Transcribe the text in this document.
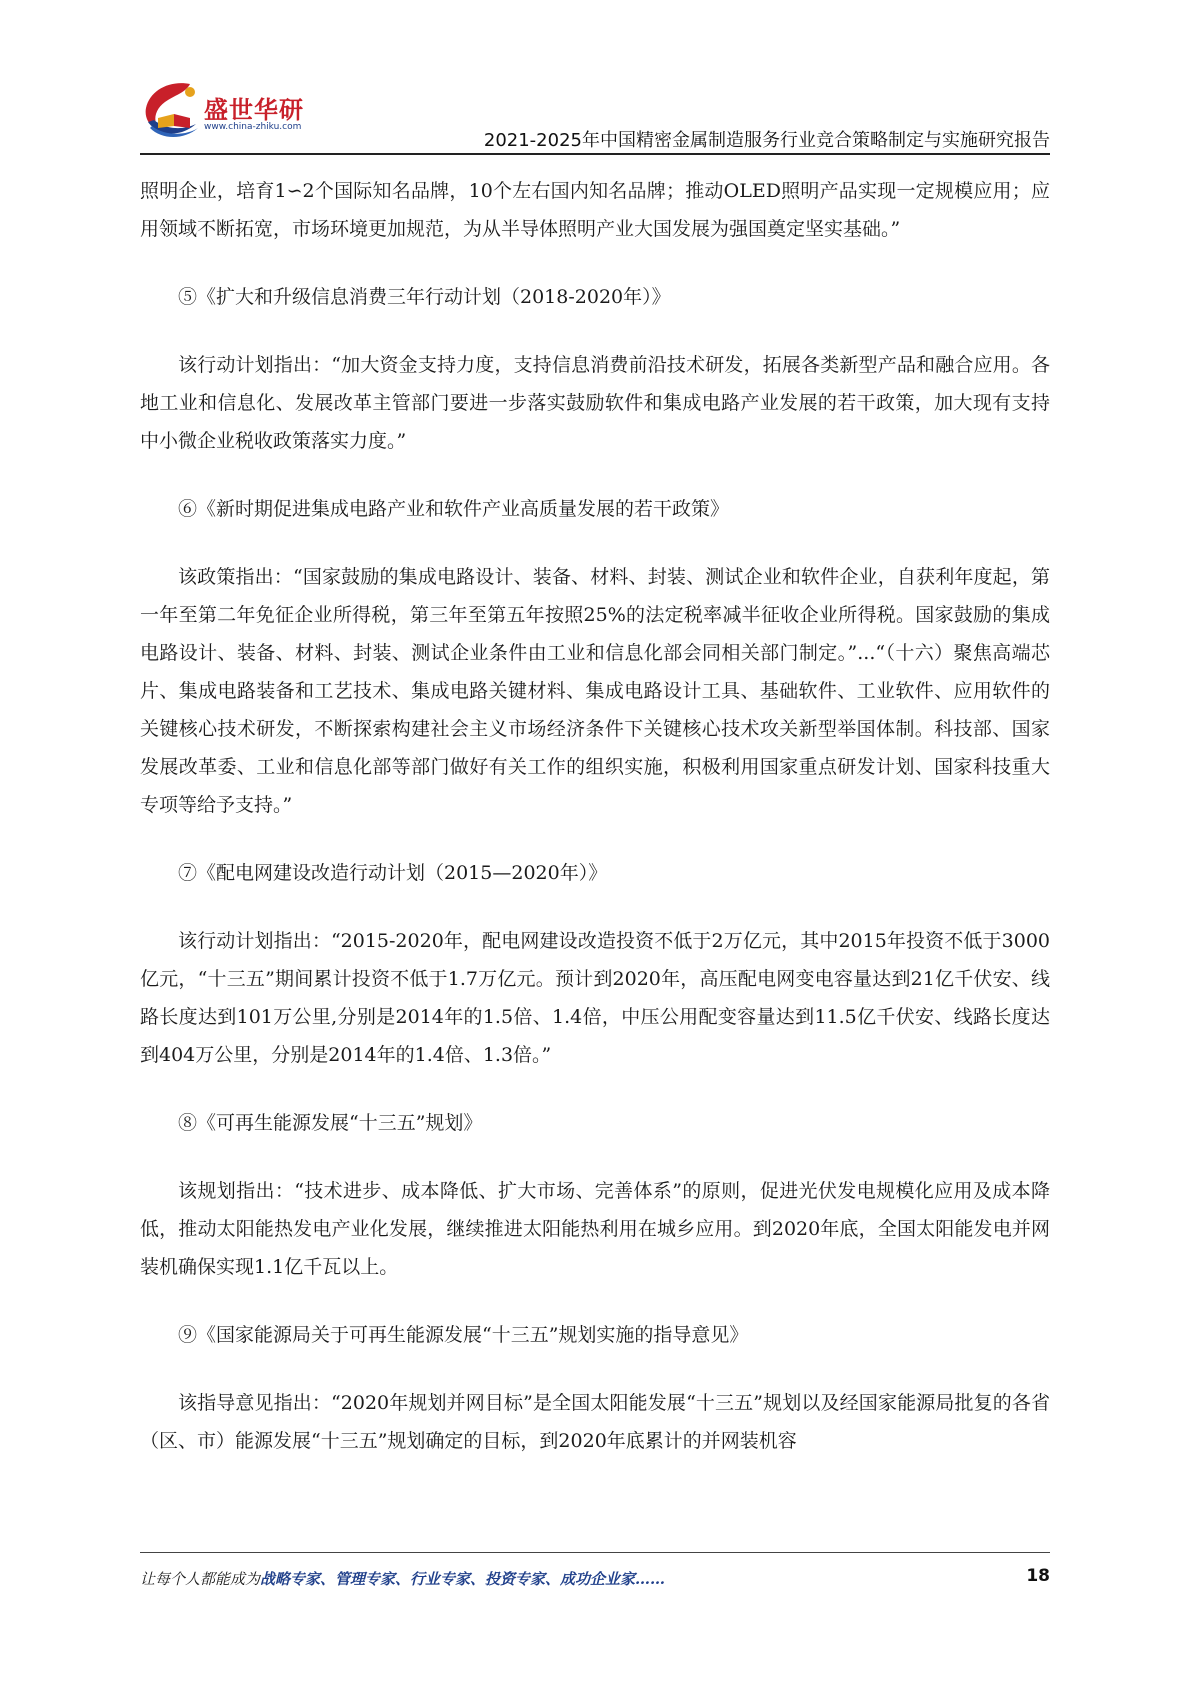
盛世华研
www.china-zhiku.com
2021-2025年中国精密金属制造服务行业竞合策略制定与实施研究报告

照明企业，培育1∽2个国际知名品牌，10个左右国内知名品牌；推动OLED照明产品实现一定规模应用；应用领域不断拓宽，市场环境更加规范，为从半导体照明产业大国发展为强国奠定坚实基础。”

⑤《扩大和升级信息消费三年行动计划（2018-2020年）》

该行动计划指出：“加大资金支持力度，支持信息消费前沿技术研发，拓展各类新型产品和融合应用。各地工业和信息化、发展改革主管部门要进一步落实鼓励软件和集成电路产业发展的若干政策，加大现有支持中小微企业税收政策落实力度。”

⑥《新时期促进集成电路产业和软件产业高质量发展的若干政策》

该政策指出：“国家鼓励的集成电路设计、装备、材料、封装、测试企业和软件企业，自获利年度起，第一年至第二年免征企业所得税，第三年至第五年按照25%的法定税率减半征收企业所得税。国家鼓励的集成电路设计、装备、材料、封装、测试企业条件由工业和信息化部会同相关部门制定。”...“（十六）聚焦高端芯片、集成电路装备和工艺技术、集成电路关键材料、集成电路设计工具、基础软件、工业软件、应用软件的关键核心技术研发，不断探索构建社会主义市场经济条件下关键核心技术攻关新型举国体制。科技部、国家发展改革委、工业和信息化部等部门做好有关工作的组织实施，积极利用国家重点研发计划、国家科技重大专项等给予支持。”

⑦《配电网建设改造行动计划（2015—2020年）》

该行动计划指出：“2015-2020年，配电网建设改造投资不低于2万亿元，其中2015年投资不低于3000亿元，“十三五”期间累计投资不低于1.7万亿元。预计到2020年，高压配电网变电容量达到21亿千伏安、线路长度达到101万公里,分别是2014年的1.5倍、1.4倍，中压公用配变容量达到11.5亿千伏安、线路长度达到404万公里，分别是2014年的1.4倍、1.3倍。”

⑧《可再生能源发展“十三五”规划》

该规划指出：“技术进步、成本降低、扩大市场、完善体系”的原则，促进光伏发电规模化应用及成本降低，推动太阳能热发电产业化发展，继续推进太阳能热利用在城乡应用。到2020年底，全国太阳能发电并网装机确保实现1.1亿千瓦以上。

⑨《国家能源局关于可再生能源发展“十三五”规划实施的指导意见》

该指导意见指出：“2020年规划并网目标”是全国太阳能发展“十三五”规划以及经国家能源局批复的各省（区、市）能源发展“十三五”规划确定的目标，到2020年底累计的并网装机容

让每个人都能成为战略专家、管理专家、行业专家、投资专家、成功企业家……	18
